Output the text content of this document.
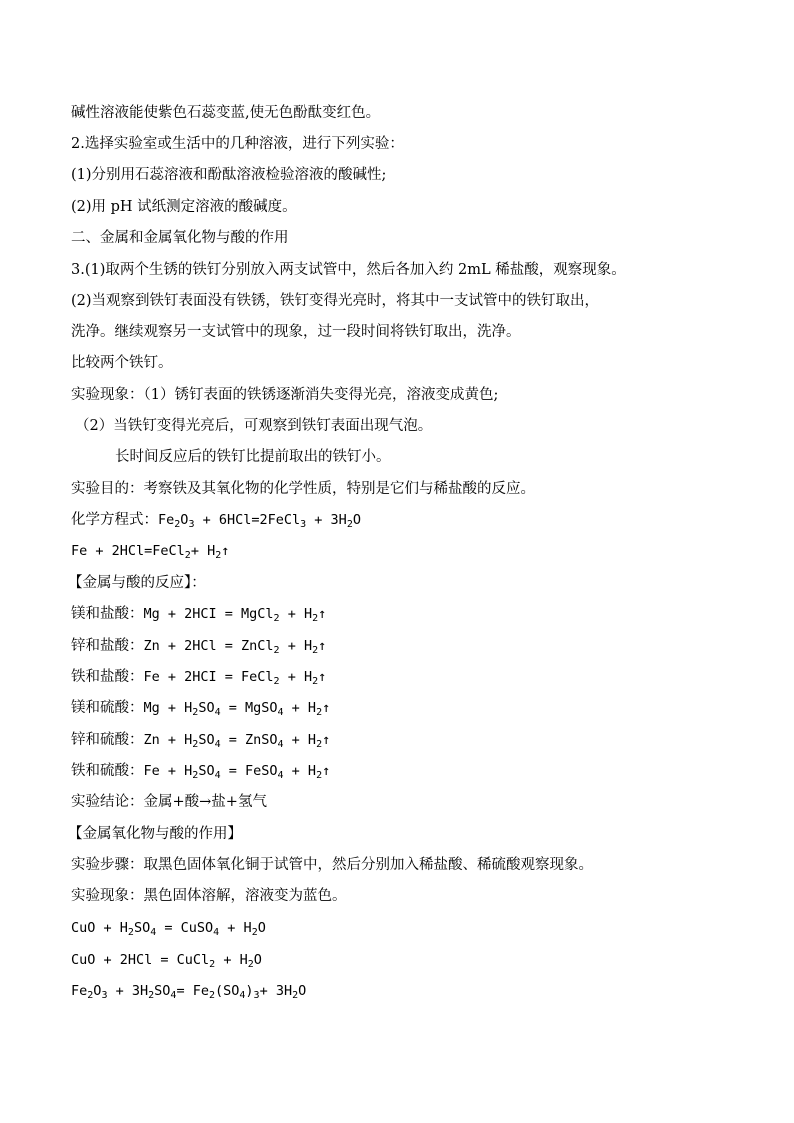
碱性溶液能使紫色石蕊变蓝,使无色酚酞变红色。
2.选择实验室或生活中的几种溶液，进行下列实验：
(1)分别用石蕊溶液和酚酞溶液检验溶液的酸碱性;
(2)用 pH 试纸测定溶液的酸碱度。
二、金属和金属氧化物与酸的作用
3.(1)取两个生锈的铁钉分别放入两支试管中，然后各加入约 2mL 稀盐酸，观察现象。
(2)当观察到铁钉表面没有铁锈，铁钉变得光亮时，将其中一支试管中的铁钉取出，
洗净。继续观察另一支试管中的现象，过一段时间将铁钉取出，洗净。
比较两个铁钉。
实验现象：（1）锈钉表面的铁锈逐渐消失变得光亮，溶液变成黄色;
（2）当铁钉变得光亮后，可观察到铁钉表面出现气泡。
长时间反应后的铁钉比提前取出的铁钉小。
实验目的：考察铁及其氧化物的化学性质，特别是它们与稀盐酸的反应。
化学方程式：$Fe_2O_3$ + 6HCl=2FeCl$_3$ + $3H_2O$
Fe + 2HCl=FeCl$_2$+ $H_2↑$
【金属与酸的反应】：
镁和盐酸：Mg + 2HCI = MgCl$_2$ + $H_2↑$
锌和盐酸：Zn + 2HCl = ZnCl$_2$ + $H_2↑$
铁和盐酸：Fe + 2HCI = FeCl$_2$ + $H_2↑$
镁和硫酸：$Mg + H_2SO_4$ = MgSO$_4$ + $H_2↑$
锌和硫酸：$Zn + H_2SO_4$ = ZnSO$_4$ + $H_2↑$
铁和硫酸：$Fe + H_2SO_4$ = FeSO$_4$ + $H_2↑$
实验结论：金属+酸→盐+氢气
【金属氧化物与酸的作用】
实验步骤：取黑色固体氧化铜于试管中，然后分别加入稀盐酸、稀硫酸观察现象。
实验现象：黑色固体溶解，溶液变为蓝色。
CuO + $H_2SO_4$ = CuSO$_4$ + $H_2O$
CuO + 2HCl = CuCl$_2$ + $H_2O$
$Fe_2O_3 + 3H_2SO_4= Fe_2(SO_4)_3+ 3H_2O$
